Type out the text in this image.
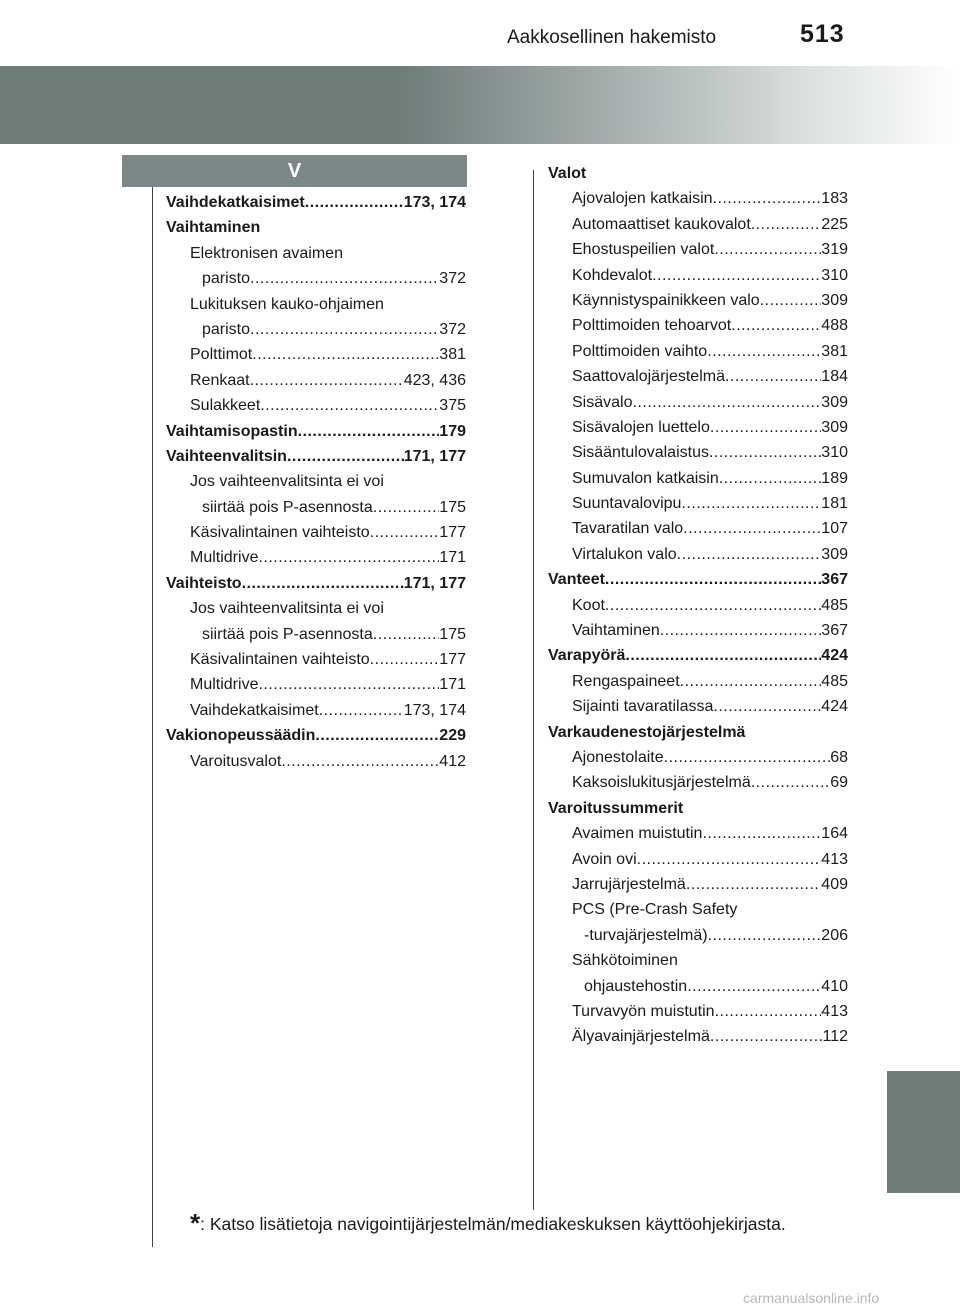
513
Aakkosellinen hakemisto
V
Vaihdekatkaisimet .....	173, 174
Vaihtaminen
Elektronisen avaimen
paristo .....	372
Lukituksen kauko-ohjaimen
paristo .....	372
Polttimot .....	381
Renkaat .....	423, 436
Sulakkeet .....	375
Vaihtamisopastin .....	179
Vaihteenvalitsin .....	171, 177
Jos vaihteenvalitsinta ei voi
siirtää pois P-asennosta .....	175
Käsivalintainen vaihteisto .....	177
Multidrive .....	171
Vaihteisto .....	171, 177
Jos vaihteenvalitsinta ei voi
siirtää pois P-asennosta .....	175
Käsivalintainen vaihteisto .....	177
Multidrive .....	171
Vaihdekatkaisimet .....	173, 174
Vakionopeussäädin .....	229
Varoitusvalot .....	412
Valot
Ajovalojen katkaisin .....	183
Automaattiset kaukovalot .....	225
Ehostuspeilien valot .....	319
Kohdevalot .....	310
Käynnistyspainikkeen valo .....	309
Polttimoiden tehoarvot .....	488
Polttimoiden vaihto .....	381
Saattovalojärjestelmä .....	184
Sisävalo .....	309
Sisävalojen luettelo .....	309
Sisääntulovalaistus .....	310
Sumuvalon katkaisin .....	189
Suuntavalovipu .....	181
Tavaratilan valo .....	107
Virtalukon valo .....	309
Vanteet .....	367
Koot .....	485
Vaihtaminen .....	367
Varapyörä .....	424
Rengaspaineet .....	485
Sijainti tavaratilassa .....	424
Varkaudenestojärjestelmä
Ajonestolaite .....	68
Kaksoislukitusjärjestelmä .....	69
Varoitussummerit
Avaimen muistutin .....	164
Avoin ovi .....	413
Jarrujärjestelmä .....	409
PCS (Pre-Crash Safety
-turvajärjestelmä) .....	206
Sähkötoiminen
ohjaustehostin .....	410
Turvavyön muistutin .....	413
Älyavainjärjestelmä .....	112
*: Katso lisätietoja navigointijärjestelmän/mediakeskuksen käyttöohjekirjasta.
carmanualsonline.info
